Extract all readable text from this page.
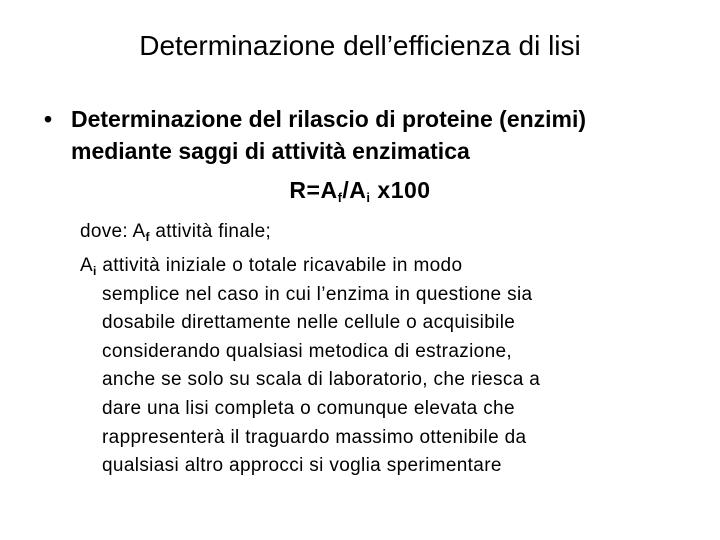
Determinazione dell’efficienza di lisi
• Determinazione del rilascio di proteine (enzimi) mediante saggi di attività enzimatica
$R=A_f/A_i$ x100
dove: $A_f$ attività finale;
$A_i$ attività iniziale o totale ricavabile in modo
semplice nel caso in cui l’enzima in questione sia
dosabile direttamente nelle cellule o acquisibile
considerando qualsiasi metodica di estrazione,
anche se solo su scala di laboratorio, che riesca a
dare una lisi completa o comunque elevata che
rappresenterà il traguardo massimo ottenibile da
qualsiasi altro approcci si voglia sperimentare
